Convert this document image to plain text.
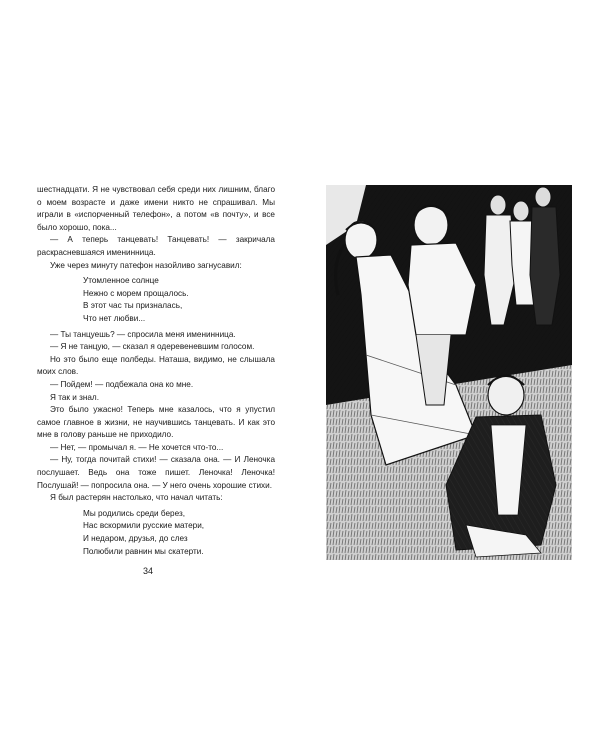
шестнадцати. Я не чувствовал себя среди них лишним, благо о моем возрасте и даже имени никто не спрашивал. Мы играли в «испорченный телефон», а потом «в почту», и все было хорошо, пока...

— А теперь танцевать! Танцевать! — закричала раскрасневшаяся именинница.

Уже через минуту патефон назойливо загнусавил:

Утомленное солнце
Нежно с морем прощалось.
В этот час ты призналась,
Что нет любви...

— Ты танцуешь? — спросила меня именинница.

— Я не танцую, — сказал я одеревеневшим голосом.

Но это было еще полбеды. Наташа, видимо, не слышала моих слов.

— Пойдем! — подбежала она ко мне.

Я так и знал.

Это было ужасно! Теперь мне казалось, что я упустил самое главное в жизни, не научившись танцевать. И как это мне в голову раньше не приходило.

— Нет, — промычал я. — Не хочется что-то...

— Ну, тогда почитай стихи! — сказала она. — И Леночка послушает. Ведь она тоже пишет. Леночка! Леночка! Послушай! — попросила она. — У него очень хорошие стихи.

Я был растерян настолько, что начал читать:

Мы родились среди берез,
Нас вскормили русские матери,
И недаром, друзья, до слез
Полюбили равнин мы скатерти.
34
